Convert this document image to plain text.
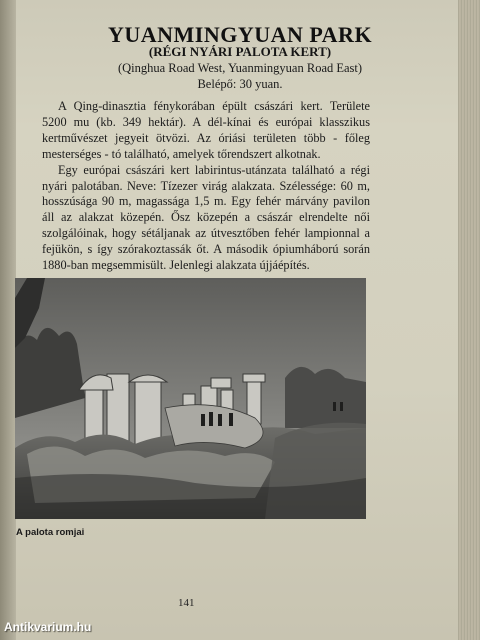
YUANMINGYUAN PARK
(RÉGI NYÁRI PALOTA KERT)
(Qinghua Road West, Yuanmingyuan Road East)
Belépő: 30 yuan.

A Qing-dinasztia fénykorában épült császári kert. Területe 5200 mu (kb. 349 hektár). A dél-kínai és európai klasszikus kertművészet jegyeit ötvözi. Az óriási területen több - főleg mesterséges - tó található, amelyek tőrendszert alkotnak.

Egy európai császári kert labirintus-utánzata található a régi nyári palotában. Neve: Tízezer virág alakzata. Szélessége: 60 m, hosszúsága 90 m, magassága 1,5 m. Egy fehér márvány pavilon áll az alakzat közepén. Ősz közepén a császár elrendelte női szolgálóinak, hogy sétáljanak az útvesztőben fehér lampionnal a fejükön, s így szórakoztassák őt. A második ópiumháború során 1880-ban megsemmisült. Jelenlegi alakzata újjáépítés.

A palota romjai
141
Antikvarium.hu
